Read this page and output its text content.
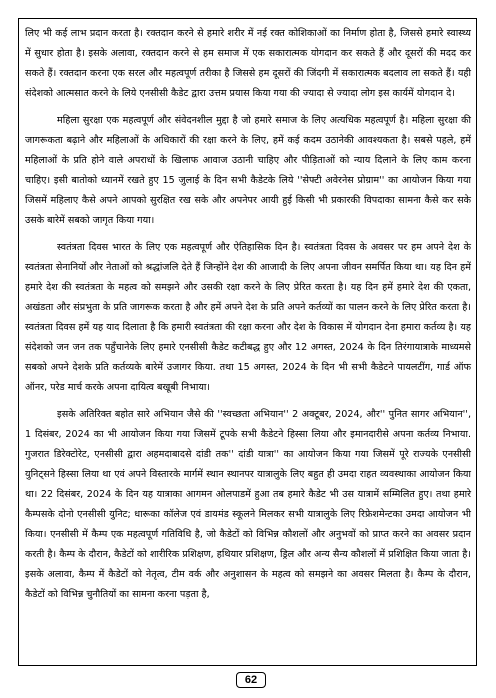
लिए भी कई लाभ प्रदान करता है। रक्तदान करने से हमारे शरीर में नई रक्त कोशिकाओं का निर्माण होता है, जिससे हमारे स्वास्थ्य में सुधार होता है। इसके अलावा, रक्तदान करने से हम समाज में एक सकारात्मक योगदान कर सकते हैं और दूसरों की मदद कर सकते हैं। रक्तदान करना एक सरल और महत्वपूर्ण तरीका है जिससे हम दूसरों की जिंदगी में सकारात्मक बदलाव ला सकते हैं। यही संदेशको आत्मसात करने के लिये एनसीसी कैडेट द्वारा उत्तम प्रयास किया गया की ज्यादा से ज्यादा लोग इस कार्यमें योगदान दे।

महिला सुरक्षा एक महत्वपूर्ण और संवेदनशील मुद्दा है जो हमारे समाज के लिए अत्यधिक महत्वपूर्ण है। महिला सुरक्षा की जागरूकता बढ़ाने और महिलाओं के अधिकारों की रक्षा करने के लिए, हमें कई कदम उठानेकी आवश्यकता है। सबसे पहले, हमें महिलाओं के प्रति होने वाले अपराधों के खिलाफ आवाज उठानी चाहिए और पीड़िताओं को न्याय दिलाने के लिए काम करना चाहिए। इसी बातोको ध्यानमें रखते हुए 15 जुलाई के दिन सभी कैडेटके लिये ''सेफ्टी अवेरनेस प्रोग्राम'' का आयोजन किया गया जिसमें महिलाए कैसे अपने आपको सुरक्षित रख सके और अपनेपर आयी हुई किसी भी प्रकारकी विपदाका सामना कैसे कर सके उसके बारेमें सबको जागृत किया गया।

स्वतंत्रता दिवस भारत के लिए एक महत्वपूर्ण और ऐतिहासिक दिन है। स्वतंत्रता दिवस के अवसर पर हम अपने देश के स्वतंत्रता सेनानियों और नेताओं को श्रद्धांजलि देते हैं जिन्होंने देश की आजादी के लिए अपना जीवन समर्पित किया था। यह दिन हमें हमारे देश की स्वतंत्रता के महत्व को समझने और उसकी रक्षा करने के लिए प्रेरित करता है। यह दिन हमें हमारे देश की एकता, अखंडता और संप्रभुता के प्रति जागरूक करता है और हमें अपने देश के प्रति अपने कर्तव्यों का पालन करने के लिए प्रेरित करता है। स्वतंत्रता दिवस हमें यह याद दिलाता है कि हमारी स्वतंत्रता की रक्षा करना और देश के विकास में योगदान देना हमारा कर्तव्य है। यह संदेशको जन जन तक पहुँचानेके लिए हमारे एनसीसी कैडेट कटीबद्ध हुए और 12 अगस्त, 2024 के दिन तिरंगायात्राके माध्यमसे सबको अपने देशके प्रति कर्तव्यके बारेमें उजागर किया. तथा 15 अगस्त, 2024 के दिन भी सभी कैडेटने पायलटींग, गार्ड ऑफ ऑनर, परेड मार्च करके अपना दायित्व बखूबी निभाया।

इसके अतिरिक्त बहोत सारे अभियान जैसे की ''स्वच्छता अभियान'' 2 अक्टूबर, 2024, और'' पुनित सागर अभियान'', 1 दिसंबर, 2024 का भी आयोजन किया गया जिसमें टूपके सभी कैडेटने हिस्सा लिया और इमानदारीसे अपना कर्तव्य निभाया. गुजरात डिरेक्टोरेट, एनसीसी द्वारा अहमदाबादसे दांडी तक'' दांडी यात्रा'' का आयोजन किया गया जिसमें पूरे राज्यके एनसीसी युनिट्सने हिस्सा लिया था एवं अपने विस्तारके मार्गमें स्थान स्थानपर यात्रालुके लिए बहुत ही उमदा राहत व्यवस्थाका आयोजन किया था। 22 दिसंबर, 2024 के दिन यह यात्राका आगमन ओलपाडमें हुआ तब हमारे कैडेट भी उस यात्रामें सम्मिलित हुए। तथा हमारे कैम्पसके दोनो एनसीसी युनिट; धारूका कॉलेज एवं डायमंड स्कूलने मिलकर सभी यात्रालुके लिए रिफ्रेशमेन्टका उमदा आयोजन भी किया। एनसीसी में कैम्प एक महत्वपूर्ण गतिविधि है, जो कैडेटों को विभिन्न कौशलों और अनुभवों को प्राप्त करने का अवसर प्रदान करती है। कैम्प के दौरान, कैडेटों को शारीरिक प्रशिक्षण, हथियार प्रशिक्षण, ड्रिल और अन्य सैन्य कौशलों में प्रशिक्षित किया जाता है। इसके अलावा, कैम्प में कैडेटों को नेतृत्व, टीम वर्क और अनुशासन के महत्व को समझने का अवसर मिलता है। कैम्प के दौरान, कैडेटों को विभिन्न चुनौतियों का सामना करना पड़ता है,

62
